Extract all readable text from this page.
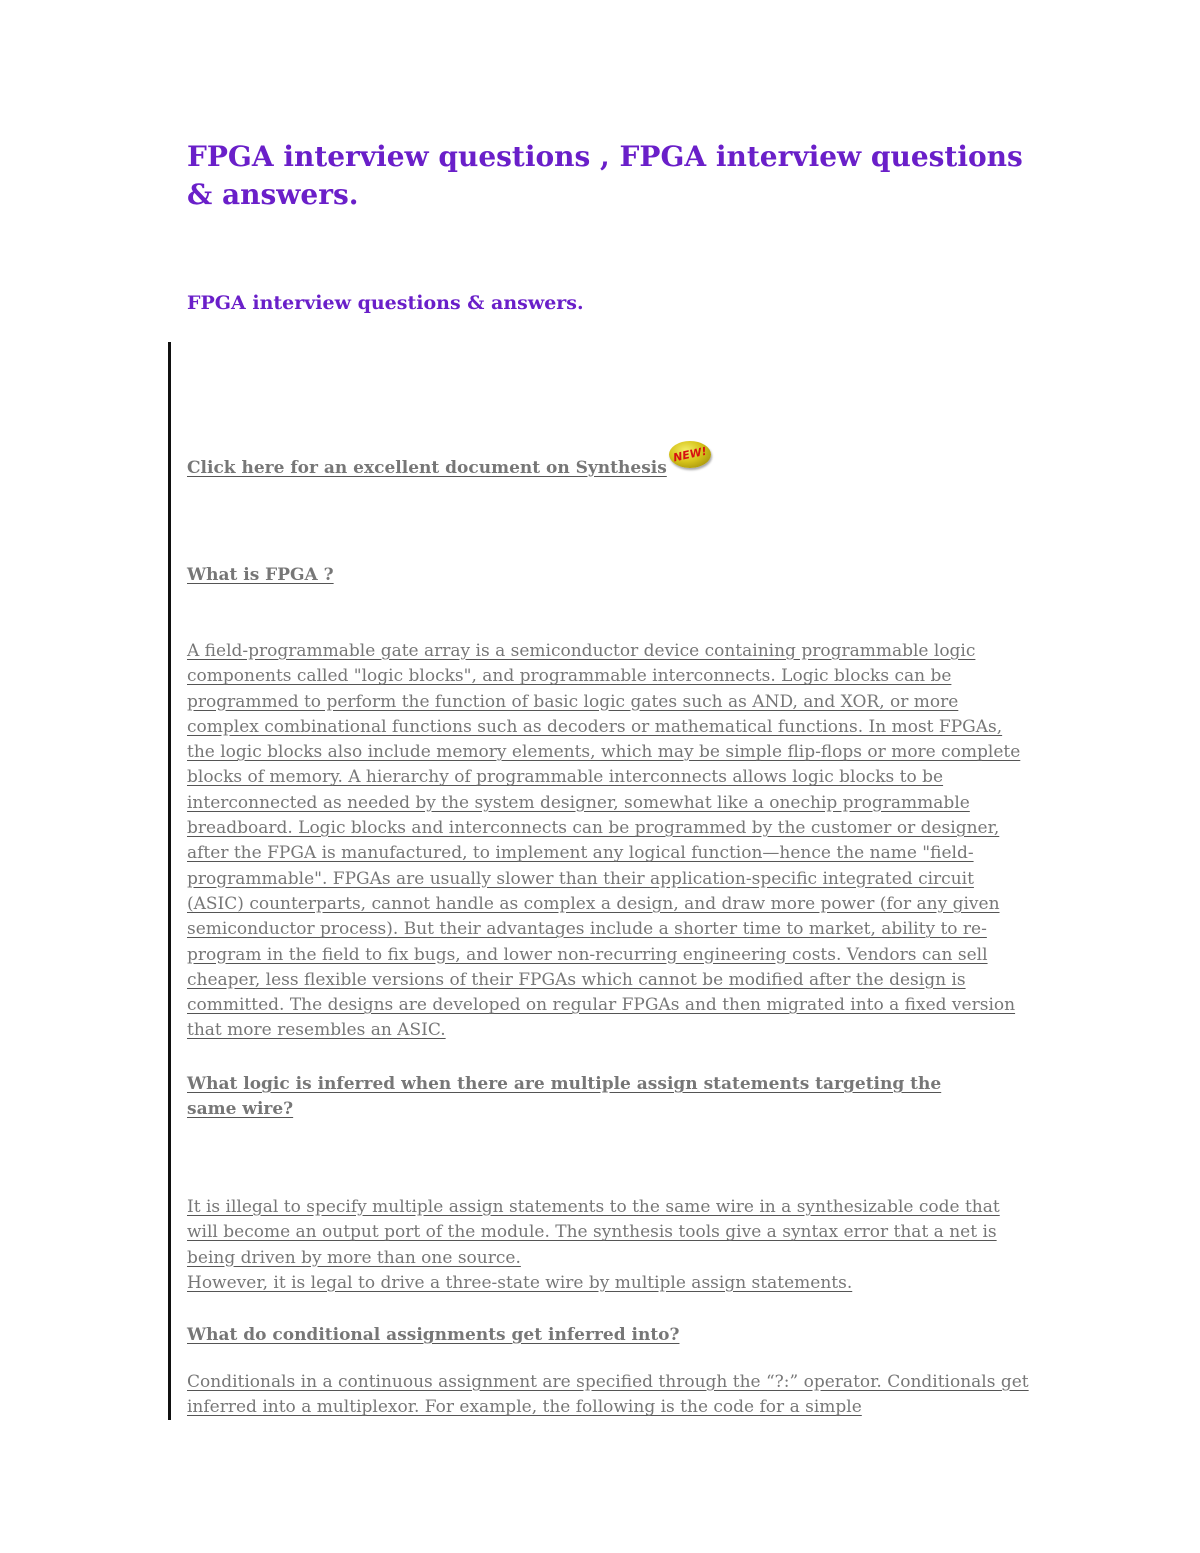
FPGA interview questions , FPGA interview questions & answers.
FPGA interview questions & answers.
Click here for an excellent document on SynthesisNEW!
What is FPGA ?

A field-programmable gate array is a semiconductor device containing programmable logic components called "logic blocks", and programmable interconnects. Logic blocks can be programmed to perform the function of basic logic gates such as AND, and XOR, or more complex combinational functions such as decoders or mathematical functions. In most FPGAs, the logic blocks also include memory elements, which may be simple flip-flops or more complete blocks of memory. A hierarchy of programmable interconnects allows logic blocks to be interconnected as needed by the system designer, somewhat like a onechip programmable breadboard. Logic blocks and interconnects can be programmed by the customer or designer, after the FPGA is manufactured, to implement any logical function—hence the name "field-programmable". FPGAs are usually slower than their application-specific integrated circuit (ASIC) counterparts, cannot handle as complex a design, and draw more power (for any given semiconductor process). But their advantages include a shorter time to market, ability to re-program in the field to fix bugs, and lower non-recurring engineering costs. Vendors can sell cheaper, less flexible versions of their FPGAs which cannot be modified after the design is committed. The designs are developed on regular FPGAs and then migrated into a fixed version that more resembles an ASIC.

What logic is inferred when there are multiple assign statements targeting the same wire?

It is illegal to specify multiple assign statements to the same wire in a synthesizable code that will become an output port of the module. The synthesis tools give a syntax error that a net is being driven by more than one source.

However, it is legal to drive a three-state wire by multiple assign statements.

What do conditional assignments get inferred into?

Conditionals in a continuous assignment are specified through the “?:” operator. Conditionals get inferred into a multiplexor. For example, the following is the code for a simple
